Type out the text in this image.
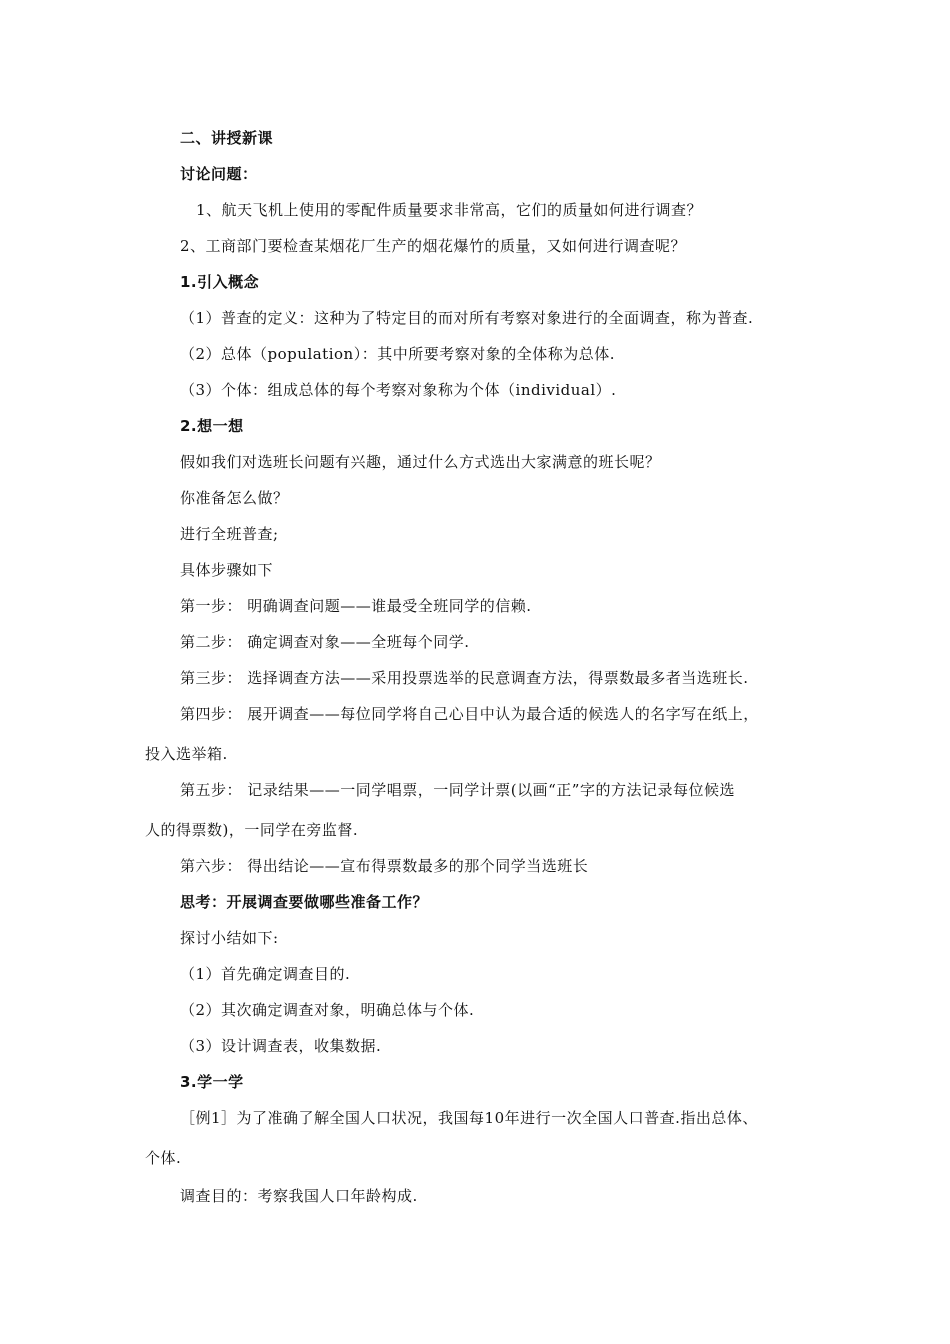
二、讲授新课
讨论问题：
1、航天飞机上使用的零配件质量要求非常高，它们的质量如何进行调查？
2、工商部门要检查某烟花厂生产的烟花爆竹的质量，又如何进行调查呢？
1.引入概念
（1）普查的定义：这种为了特定目的而对所有考察对象进行的全面调查，称为普查.
（2）总体（population）：其中所要考察对象的全体称为总体.
（3）个体：组成总体的每个考察对象称为个体（individual）.
2.想一想
假如我们对选班长问题有兴趣，通过什么方式选出大家满意的班长呢？
你准备怎么做？
进行全班普查;
具体步骤如下
第一步： 明确调查问题——谁最受全班同学的信赖.
第二步： 确定调查对象——全班每个同学.
第三步： 选择调查方法——采用投票选举的民意调查方法，得票数最多者当选班长.
第四步： 展开调查——每位同学将自己心目中认为最合适的候选人的名字写在纸上，
投入选举箱.
第五步： 记录结果——一同学唱票，一同学计票(以画“正”字的方法记录每位候选
人的得票数)，一同学在旁监督.
第六步： 得出结论——宣布得票数最多的那个同学当选班长
思考：开展调查要做哪些准备工作？
探讨小结如下:
（1）首先确定调查目的.
（2）其次确定调查对象，明确总体与个体.
（3）设计调查表，收集数据.
3.学一学
［例1］为了准确了解全国人口状况，我国每10年进行一次全国人口普查.指出总体、
个体.
调查目的：考察我国人口年龄构成.
